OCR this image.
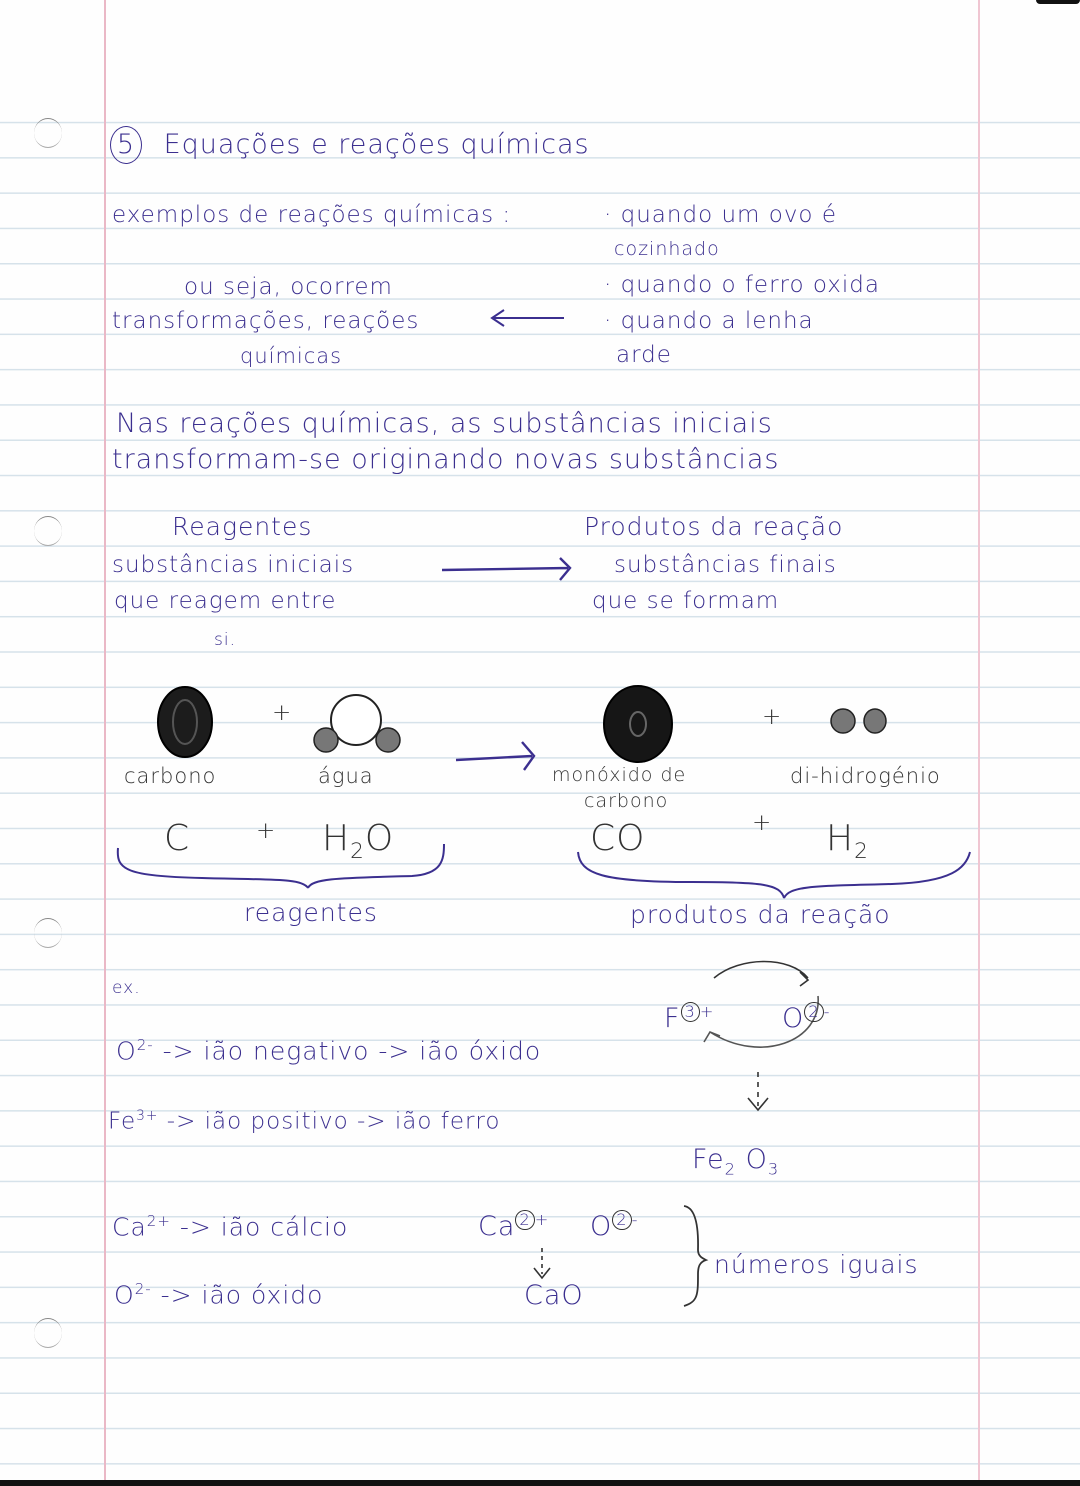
5 Equações e reações químicas
exemplos de reações químicas :	· quando um ovo é
cozinhado
· quando o ferro oxida
· quando a lenha
arde
ou seja, ocorrem
transformações, reações
químicas
Nas reações químicas, as substâncias iniciais
transformam-se originando novas substâncias
Reagentes
substâncias iniciais
que reagem entre
si.
Produtos da reação
substâncias finais
que se formam
+	+
carbono	água	monóxido de
carbono
di-hidrogénio
C	+ $H_2O$	CO	+ $H_2$
reagentes	produtos da reação
ex.
$O^{2-}$ -> ião negativo -> ião óxido
$Fe^{3+}$ -> ião positivo -> ião ferro
$Ca^{2+}$ -> ião cálcio
$O^{2-}$ -> ião óxido
F $^{3 +}$	O $^{2 -}$
$Fe_2$ $O_3$
Ca $^{2 +}$ O $^{2 -}$
CaO
números iguais
